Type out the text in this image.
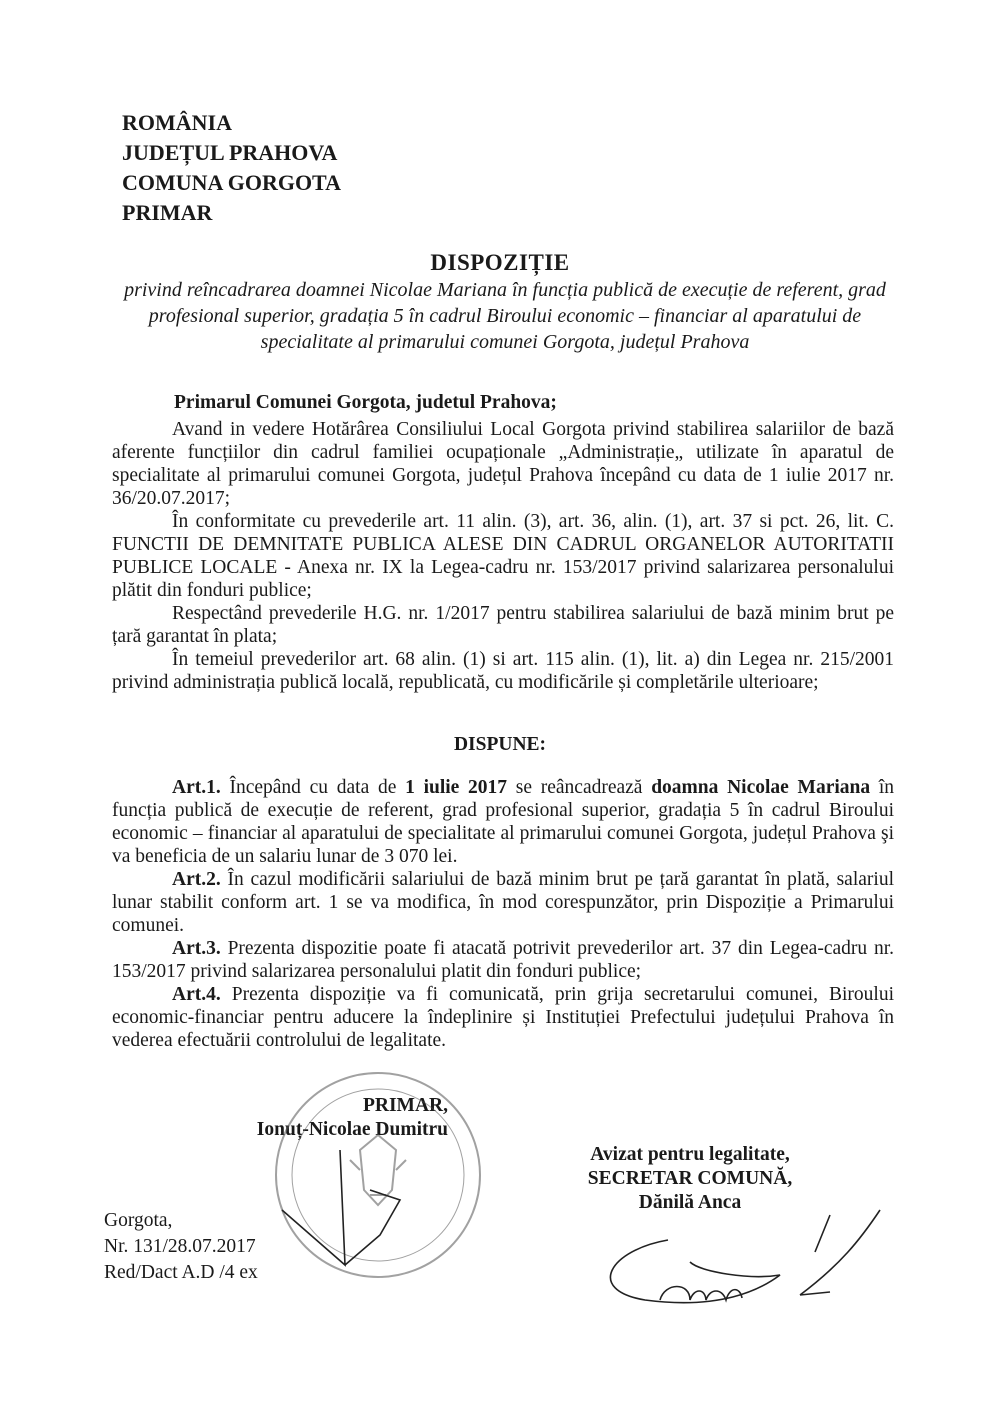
ROMÂNIA
JUDEȚUL PRAHOVA
COMUNA GORGOTA
PRIMAR
DISPOZIȚIE
privind reîncadrarea doamnei Nicolae Mariana în funcția publică de execuție de referent, grad profesional superior, gradația 5 în cadrul Biroului economic – financiar al aparatului de specialitate al primarului comunei Gorgota, județul Prahova
Primarul Comunei Gorgota, judetul Prahova;

Avand in vedere Hotărârea Consiliului Local Gorgota privind stabilirea salariilor de bază aferente funcțiilor din cadrul familiei ocupaționale „Administrație„ utilizate în aparatul de specialitate al primarului comunei Gorgota, județul Prahova începând cu data de 1 iulie 2017 nr. 36/20.07.2017;

În conformitate cu prevederile art. 11 alin. (3), art. 36, alin. (1), art. 37 si pct. 26, lit. C. FUNCTII DE DEMNITATE PUBLICA ALESE DIN CADRUL ORGANELOR AUTORITATII PUBLICE LOCALE - Anexa nr. IX la Legea-cadru nr. 153/2017 privind salarizarea personalului plătit din fonduri publice;

Respectând prevederile H.G. nr. 1/2017 pentru stabilirea salariului de bază minim brut pe țară garantat în plata;

În temeiul prevederilor art. 68 alin. (1) si art. 115 alin. (1), lit. a) din Legea nr. 215/2001 privind administrația publică locală, republicată, cu modificările și completările ulterioare;

DISPUNE:

Art.1. Începând cu data de 1 iulie 2017 se reâncadrează doamna Nicolae Mariana în funcția publică de execuție de referent, grad profesional superior, gradația 5 în cadrul Biroului economic – financiar al aparatului de specialitate al primarului comunei Gorgota, județul Prahova şi va beneficia de un salariu lunar de 3 070 lei.

Art.2. În cazul modificării salariului de bază minim brut pe țară garantat în plată, salariul lunar stabilit conform art. 1 se va modifica, în mod corespunzător, prin Dispoziție a Primarului comunei.

Art.3. Prezenta dispozitie poate fi atacată potrivit prevederilor art. 37 din Legea-cadru nr. 153/2017 privind salarizarea personalului platit din fonduri publice;

Art.4. Prezenta dispoziție va fi comunicată, prin grija secretarului comunei, Biroului economic-financiar pentru aducere la îndeplinire și Instituției Prefectului județului Prahova în vederea efectuării controlului de legalitate.

PRIMAR,
Ionuț-Nicolae Dumitru
Avizat pentru legalitate,
SECRETAR COMUNĂ,
Dănilă Anca
Gorgota,
Nr. 131/28.07.2017
Red/Dact A.D /4 ex
